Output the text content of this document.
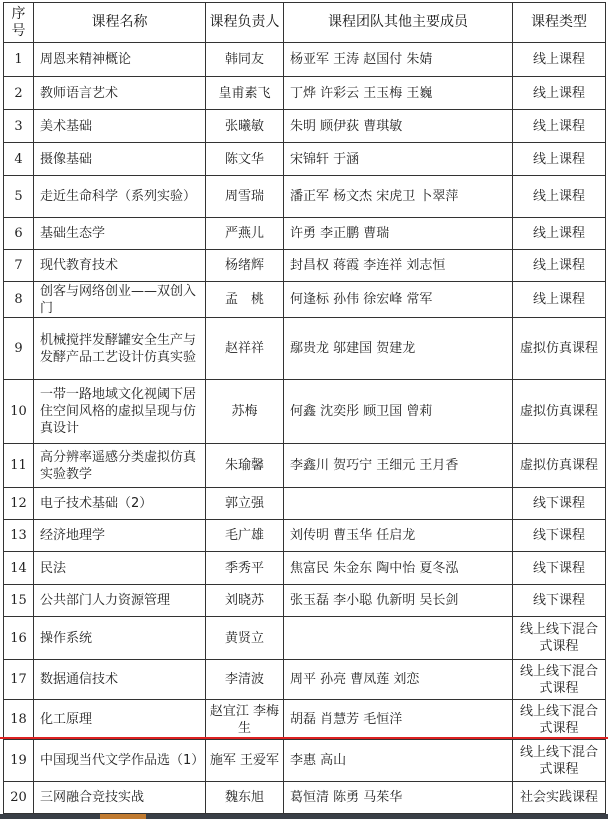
序号	课程名称	课程负责人	课程团队其他主要成员	课程类型
1	周恩来精神概论	韩同友	杨亚军 王涛 赵国付 朱婧	线上课程
2	教师语言艺术	皇甫素飞	丁烨 许彩云 王玉梅 王巍	线上课程
3	美术基础	张曦敏	朱明 顾伊荻 曹琪敏	线上课程
4	摄像基础	陈文华	宋锦轩 于涵	线上课程
5	走近生命科学（系列实验）	周雪瑞	潘正军 杨文杰 宋虎卫 卜翠萍	线上课程
6	基础生态学	严燕儿	许勇 李正鹏 曹瑞	线上课程
7	现代教育技术	杨绪辉	封昌权 蒋霞 李连祥 刘志恒	线上课程
8	创客与网络创业——双创入门	孟　桃	何逢标 孙伟 徐宏峰 常军	线上课程
9	机械搅拌发酵罐安全生产与发酵产品工艺设计仿真实验	赵祥祥	鄢贵龙 邬建国 贺建龙	虚拟仿真课程
10	一带一路地域文化视阈下居住空间风格的虚拟呈现与仿真设计	苏梅	何鑫 沈奕彤 顾卫国 曾莉	虚拟仿真课程
11	高分辨率遥感分类虚拟仿真实验教学	朱瑜馨	李鑫川 贺巧宁 王细元 王月香	虚拟仿真课程
12	电子技术基础（2）	郭立强		线下课程
13	经济地理学	毛广雄	刘传明 曹玉华 任启龙	线下课程
14	民法	季秀平	焦富民 朱金东 陶中怡 夏冬泓	线下课程
15	公共部门人力资源管理	刘晓苏	张玉磊 李小聪 仇新明 吴长剑	线下课程
16	操作系统	黄贤立		线上线下混合式课程
17	数据通信技术	李清波	周平 孙亮 曹凤莲 刘恋	线上线下混合式课程
18	化工原理	赵宜江 李梅生	胡磊 肖慧芳 毛恒洋	线上线下混合式课程
19	中国现当代文学作品选（1）	施军 王爱军	李惠 高山	线上线下混合式课程
20	三网融合竞技实战	魏东旭	葛恒清 陈勇 马茱华	社会实践课程
